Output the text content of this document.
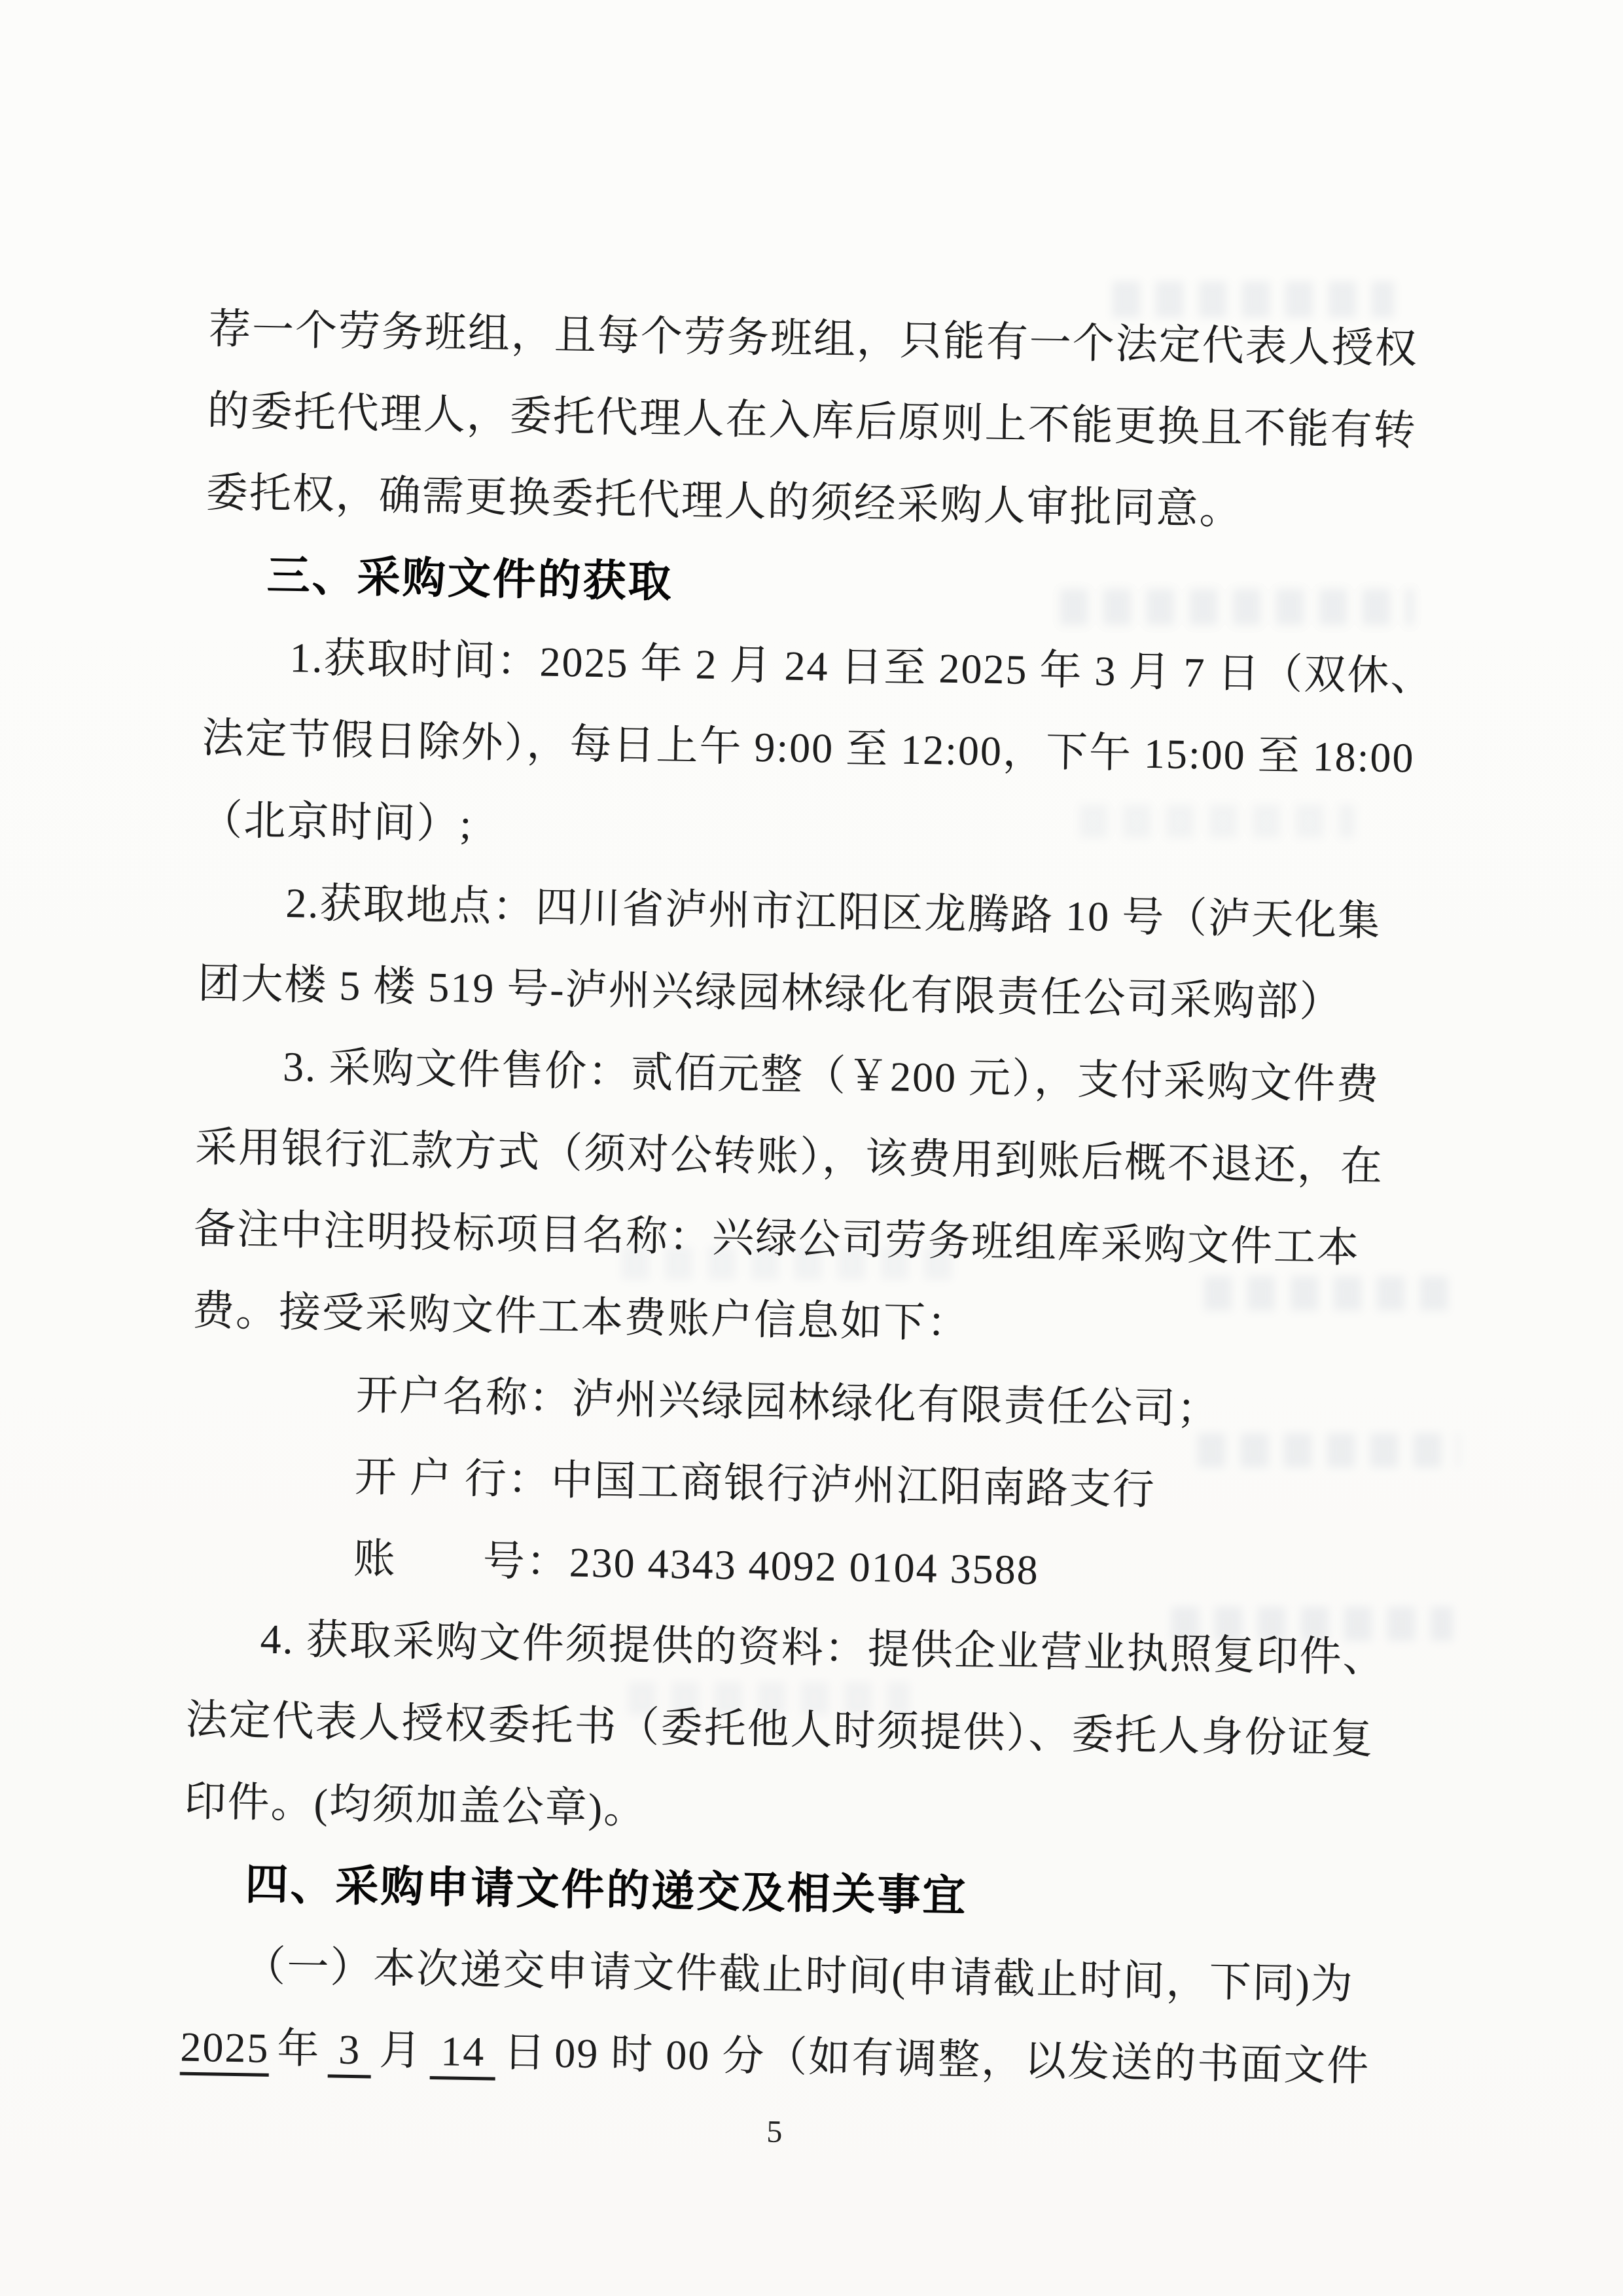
荐一个劳务班组，且每个劳务班组，只能有一个法定代表人授权
的委托代理人，委托代理人在入库后原则上不能更换且不能有转
委托权，确需更换委托代理人的须经采购人审批同意。
三、采购文件的获取
1.获取时间：2025 年 2 月 24 日至 2025 年 3 月 7 日（双休、
法定节假日除外），每日上午 9:00 至 12:00，下午 15:00 至 18:00
（北京时间）;
2.获取地点：四川省泸州市江阳区龙腾路 10 号（泸天化集
团大楼 5 楼 519 号-泸州兴绿园林绿化有限责任公司采购部）
3. 采购文件售价：贰佰元整（￥200 元），支付采购文件费
采用银行汇款方式（须对公转账），该费用到账后概不退还，在
备注中注明投标项目名称：兴绿公司劳务班组库采购文件工本
费。接受采购文件工本费账户信息如下：
开户名称：泸州兴绿园林绿化有限责任公司；
开 户 行：中国工商银行泸州江阳南路支行
账　　号：230 4343 4092 0104 3588
4. 获取采购文件须提供的资料：提供企业营业执照复印件、
法定代表人授权委托书（委托他人时须提供）、委托人身份证复
印件。(均须加盖公章)。
四、采购申请文件的递交及相关事宜
（一）本次递交申请文件截止时间(申请截止时间，下同)为
2025 年 3 月 14 日 09 时 00 分（如有调整，以发送的书面文件
5
